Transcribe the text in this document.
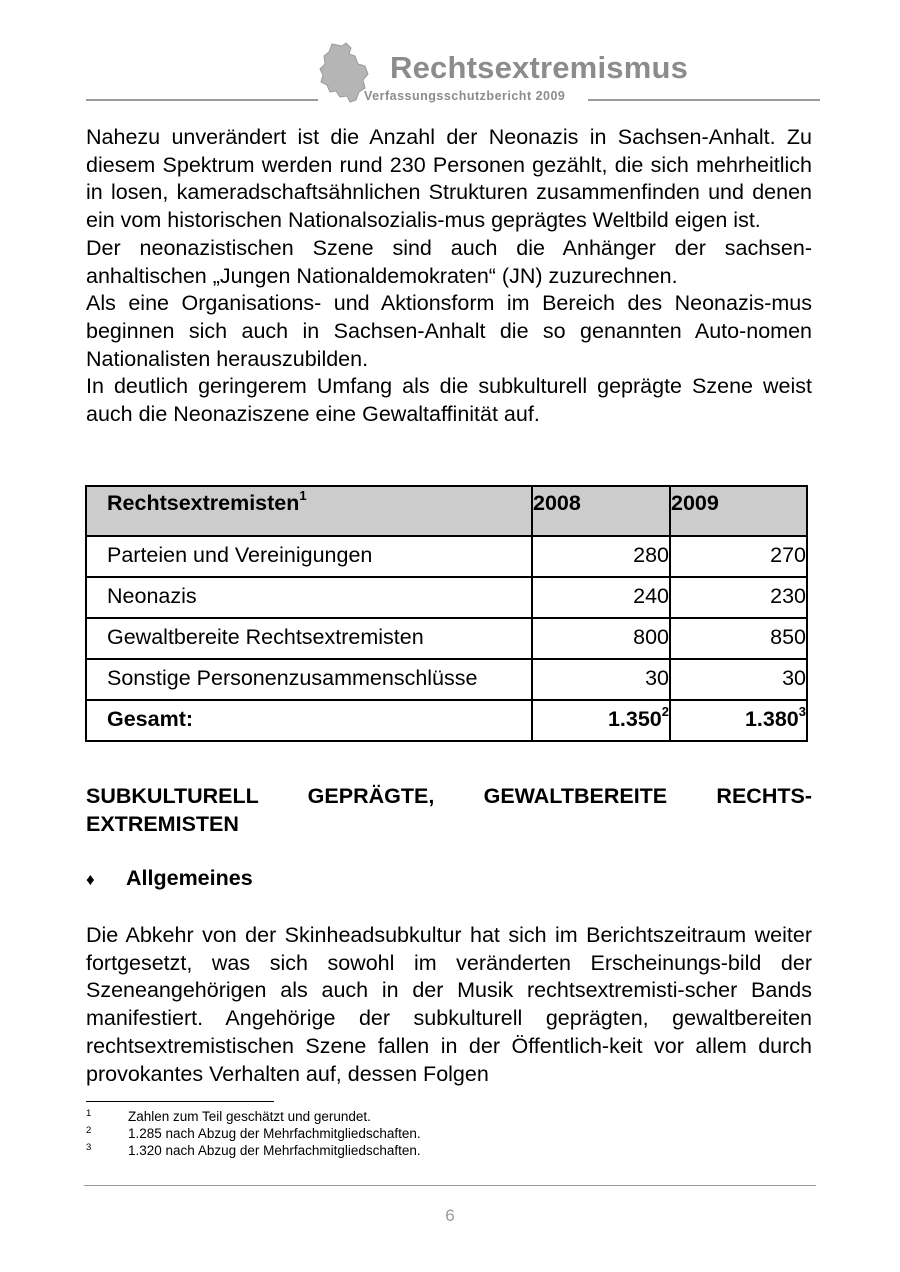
Rechtsextremismus
Verfassungsschutzbericht 2009

Nahezu unverändert ist die Anzahl der Neonazis in Sachsen-Anhalt. Zu diesem Spektrum werden rund 230 Personen gezählt, die sich mehrheitlich in losen, kameradschaftsähnlichen Strukturen zusammenfinden und denen ein vom historischen Nationalsozialis-mus geprägtes Weltbild eigen ist.

Der neonazistischen Szene sind auch die Anhänger der sachsen-anhaltischen „Jungen Nationaldemokraten“ (JN) zuzurechnen.

Als eine Organisations- und Aktionsform im Bereich des Neonazis-mus beginnen sich auch in Sachsen-Anhalt die so genannten Auto-nomen Nationalisten herauszubilden.

In deutlich geringerem Umfang als die subkulturell geprägte Szene weist auch die Neonaziszene eine Gewaltaffinität auf.

Rechtsextremisten$^1$	2008	2009

Parteien und Vereinigungen	280	270

Neonazis	240	230

Gewaltbereite Rechtsextremisten	800	850

Sonstige Personenzusammenschlüsse	30	30

Gesamt:	1.350$^2$	1.380$^3$
SUBKULTURELL GEPRÄGTE, GEWALTBEREITE RECHTS-EXTREMISTEN
♦ Allgemeines

Die Abkehr von der Skinheadsubkultur hat sich im Berichtszeitraum weiter fortgesetzt, was sich sowohl im veränderten Erscheinungs-bild der Szeneangehörigen als auch in der Musik rechtsextremisti-scher Bands manifestiert. Angehörige der subkulturell geprägten, gewaltbereiten rechtsextremistischen Szene fallen in der Öffentlich-keit vor allem durch provokantes Verhalten auf, dessen Folgen

1	Zahlen zum Teil geschätzt und gerundet.
2	1.285 nach Abzug der Mehrfachmitgliedschaften.
3	1.320 nach Abzug der Mehrfachmitgliedschaften.
6
